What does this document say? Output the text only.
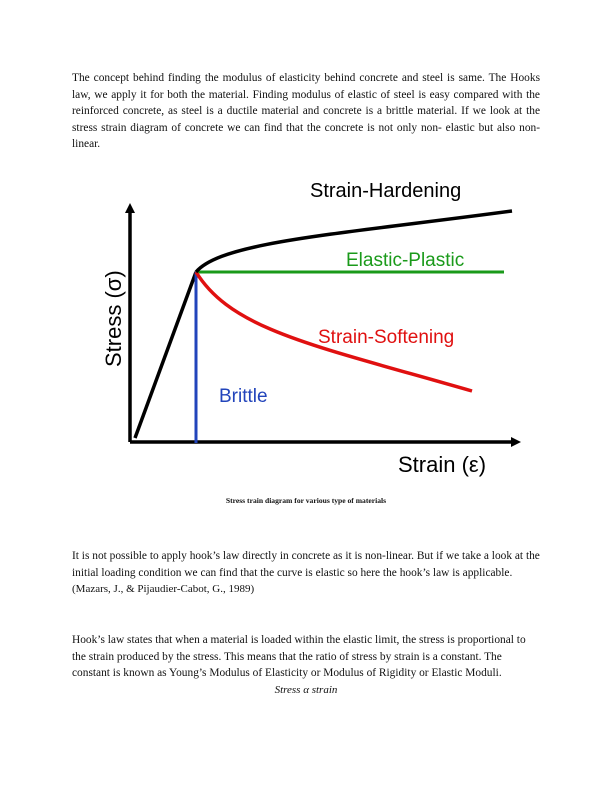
The concept behind finding the modulus of elasticity behind concrete and steel is same. The Hooks law, we apply it for both the material. Finding modulus of elastic of steel is easy compared with the reinforced concrete, as steel is a ductile material and concrete is a brittle material. If we look at the stress strain diagram of concrete we can find that the concrete is not only non- elastic but also non-linear.

Strain-Hardening
Elastic-Plastic
Strain-Softening
Brittle
Strain (ε)
Stress (σ)

Stress train diagram for various type of materials

It is not possible to apply hook’s law directly in concrete as it is non-linear. But if we take a look at the initial loading condition we can find that the curve is elastic so here the hook’s law is applicable. (Mazars, J., & Pijaudier-Cabot, G., 1989)

Hook’s law states that when a material is loaded within the elastic limit, the stress is proportional to the strain produced by the stress. This means that the ratio of stress by strain is a constant. The constant is known as Young’s Modulus of Elasticity or Modulus of Rigidity or Elastic Moduli.

Stress α strain
